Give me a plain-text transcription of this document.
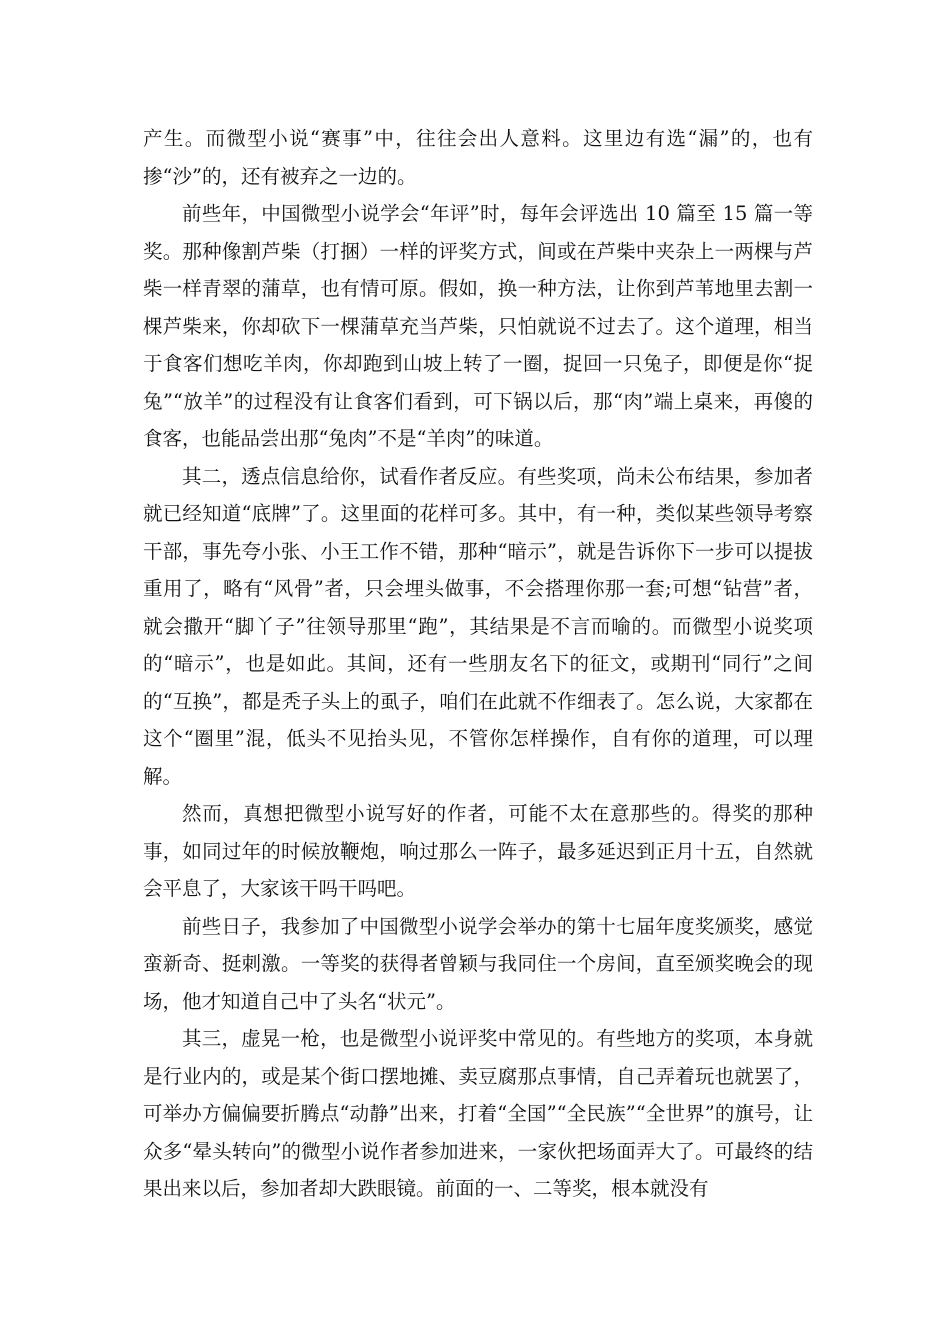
产生。而微型小说“赛事”中，往往会出人意料。这里边有选“漏”的，也有掺“沙”的，还有被弃之一边的。

前些年，中国微型小说学会“年评”时，每年会评选出 10 篇至 15 篇一等奖。那种像割芦柴（打捆）一样的评奖方式，间或在芦柴中夹杂上一两棵与芦柴一样青翠的蒲草，也有情可原。假如，换一种方法，让你到芦苇地里去割一棵芦柴来，你却砍下一棵蒲草充当芦柴，只怕就说不过去了。这个道理，相当于食客们想吃羊肉，你却跑到山坡上转了一圈，捉回一只兔子，即便是你“捉兔”“放羊”的过程没有让食客们看到，可下锅以后，那“肉”端上桌来，再傻的食客，也能品尝出那“兔肉”不是“羊肉”的味道。

其二，透点信息给你，试看作者反应。有些奖项，尚未公布结果，参加者就已经知道“底牌”了。这里面的花样可多。其中，有一种，类似某些领导考察干部，事先夸小张、小王工作不错，那种“暗示”，就是告诉你下一步可以提拔重用了，略有“风骨”者，只会埋头做事，不会搭理你那一套;可想“钻营”者，就会撒开“脚丫子”往领导那里“跑”，其结果是不言而喻的。而微型小说奖项的“暗示”，也是如此。其间，还有一些朋友名下的征文，或期刊“同行”之间的“互换”，都是秃子头上的虱子，咱们在此就不作细表了。怎么说，大家都在这个“圈里”混，低头不见抬头见，不管你怎样操作，自有你的道理，可以理解。

然而，真想把微型小说写好的作者，可能不太在意那些的。得奖的那种事，如同过年的时候放鞭炮，响过那么一阵子，最多延迟到正月十五，自然就会平息了，大家该干吗干吗吧。

前些日子，我参加了中国微型小说学会举办的第十七届年度奖颁奖，感觉蛮新奇、挺刺激。一等奖的获得者曾颖与我同住一个房间，直至颁奖晚会的现场，他才知道自己中了头名“状元”。

其三，虚晃一枪，也是微型小说评奖中常见的。有些地方的奖项，本身就是行业内的，或是某个街口摆地摊、卖豆腐那点事情，自己弄着玩也就罢了，可举办方偏偏要折腾点“动静”出来，打着“全国”“全民族”“全世界”的旗号，让众多“晕头转向”的微型小说作者参加进来，一家伙把场面弄大了。可最终的结果出来以后，参加者却大跌眼镜。前面的一、二等奖，根本就没有
